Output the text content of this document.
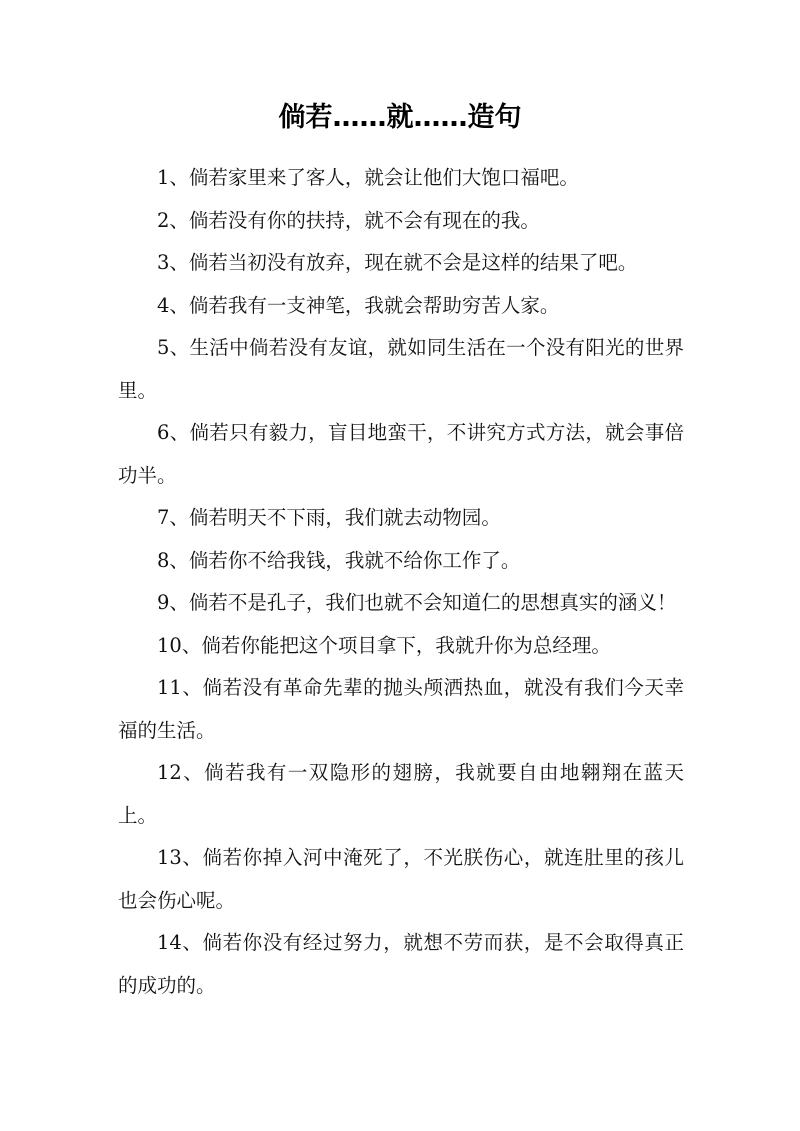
倘若……就……造句

1、倘若家里来了客人，就会让他们大饱口福吧。

2、倘若没有你的扶持，就不会有现在的我。

3、倘若当初没有放弃，现在就不会是这样的结果了吧。

4、倘若我有一支神笔，我就会帮助穷苦人家。

5、生活中倘若没有友谊，就如同生活在一个没有阳光的世界里。

6、倘若只有毅力，盲目地蛮干，不讲究方式方法，就会事倍功半。

7、倘若明天不下雨，我们就去动物园。

8、倘若你不给我钱，我就不给你工作了。

9、倘若不是孔子，我们也就不会知道仁的思想真实的涵义！

10、倘若你能把这个项目拿下，我就升你为总经理。

11、倘若没有革命先辈的抛头颅洒热血，就没有我们今天幸福的生活。

12、倘若我有一双隐形的翅膀，我就要自由地翱翔在蓝天上。

13、倘若你掉入河中淹死了，不光朕伤心，就连肚里的孩儿也会伤心呢。

14、倘若你没有经过努力，就想不劳而获，是不会取得真正的成功的。
